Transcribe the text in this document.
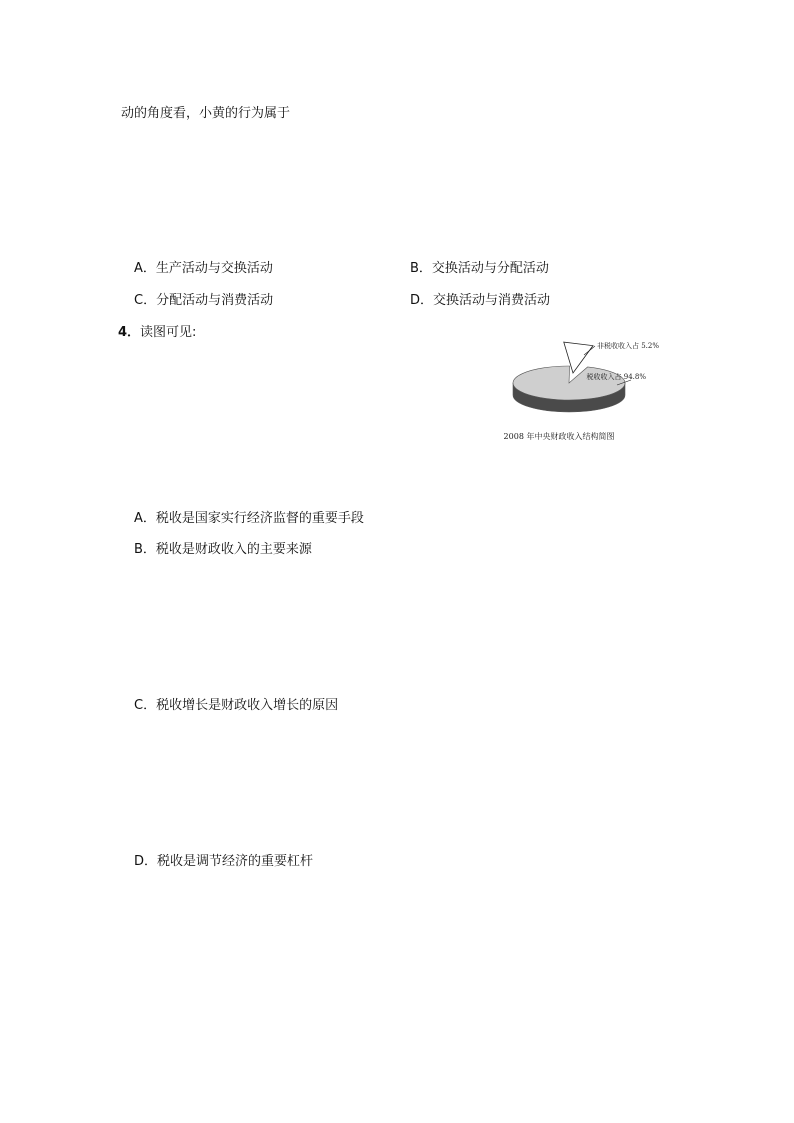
动的角度看，小黄的行为属于
A．生产活动与交换活动	B．交换活动与分配活动
C．分配活动与消费活动	D．交换活动与消费活动
4．读图可见:
非税收收入占 5.2%
税收收入占 94.8%
2008 年中央财政收入结构简图
A．税收是国家实行经济监督的重要手段
B．税收是财政收入的主要来源
C．税收增长是财政收入增长的原因
D．税收是调节经济的重要杠杆
